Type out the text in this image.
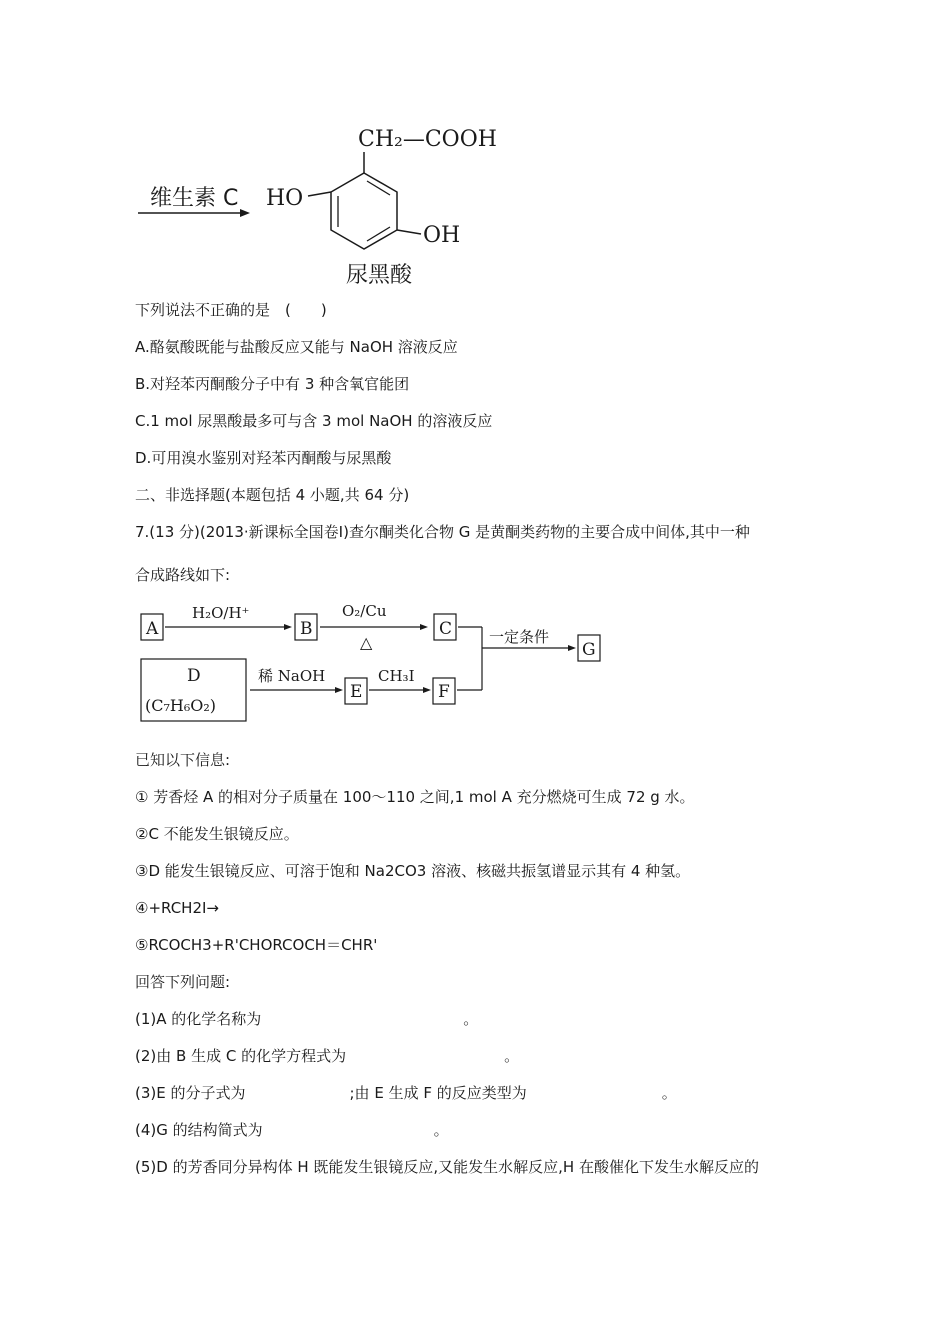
维生素 C
CH₂—COOH
HO
OH
尿黑酸
下列说法不正确的是　(　　)
A.酪氨酸既能与盐酸反应又能与 NaOH 溶液反应
B.对羟苯丙酮酸分子中有 3 种含氧官能团
C.1 mol 尿黑酸最多可与含 3 mol NaOH 的溶液反应
D.可用溴水鉴别对羟苯丙酮酸与尿黑酸
二、非选择题(本题包括 4 小题,共 64 分)
7.(13 分)(2013·新课标全国卷Ⅰ)查尔酮类化合物 G 是黄酮类药物的主要合成中间体,其中一种
合成路线如下:
A
H₂O/H⁺
B
O₂/Cu
△
C
D
(C₇H₆O₂)
稀 NaOH
E
CH₃I
F
一定条件
G
已知以下信息:
① 芳香烃 A 的相对分子质量在 100～110 之间,1 mol A 充分燃烧可生成 72 g 水。
②C 不能发生银镜反应。
③D 能发生银镜反应、可溶于饱和 Na2CO3 溶液、核磁共振氢谱显示其有 4 种氢。
④+RCH2I→
⑤RCOCH3+R'CHORCOCH＝CHR'
回答下列问题:
(1)A 的化学名称为	。
(2)由 B 生成 C 的化学方程式为	。
(3)E 的分子式为	;由 E 生成 F 的反应类型为	。
(4)G 的结构简式为	。
(5)D 的芳香同分异构体 H 既能发生银镜反应,又能发生水解反应,H 在酸催化下发生水解反应的
